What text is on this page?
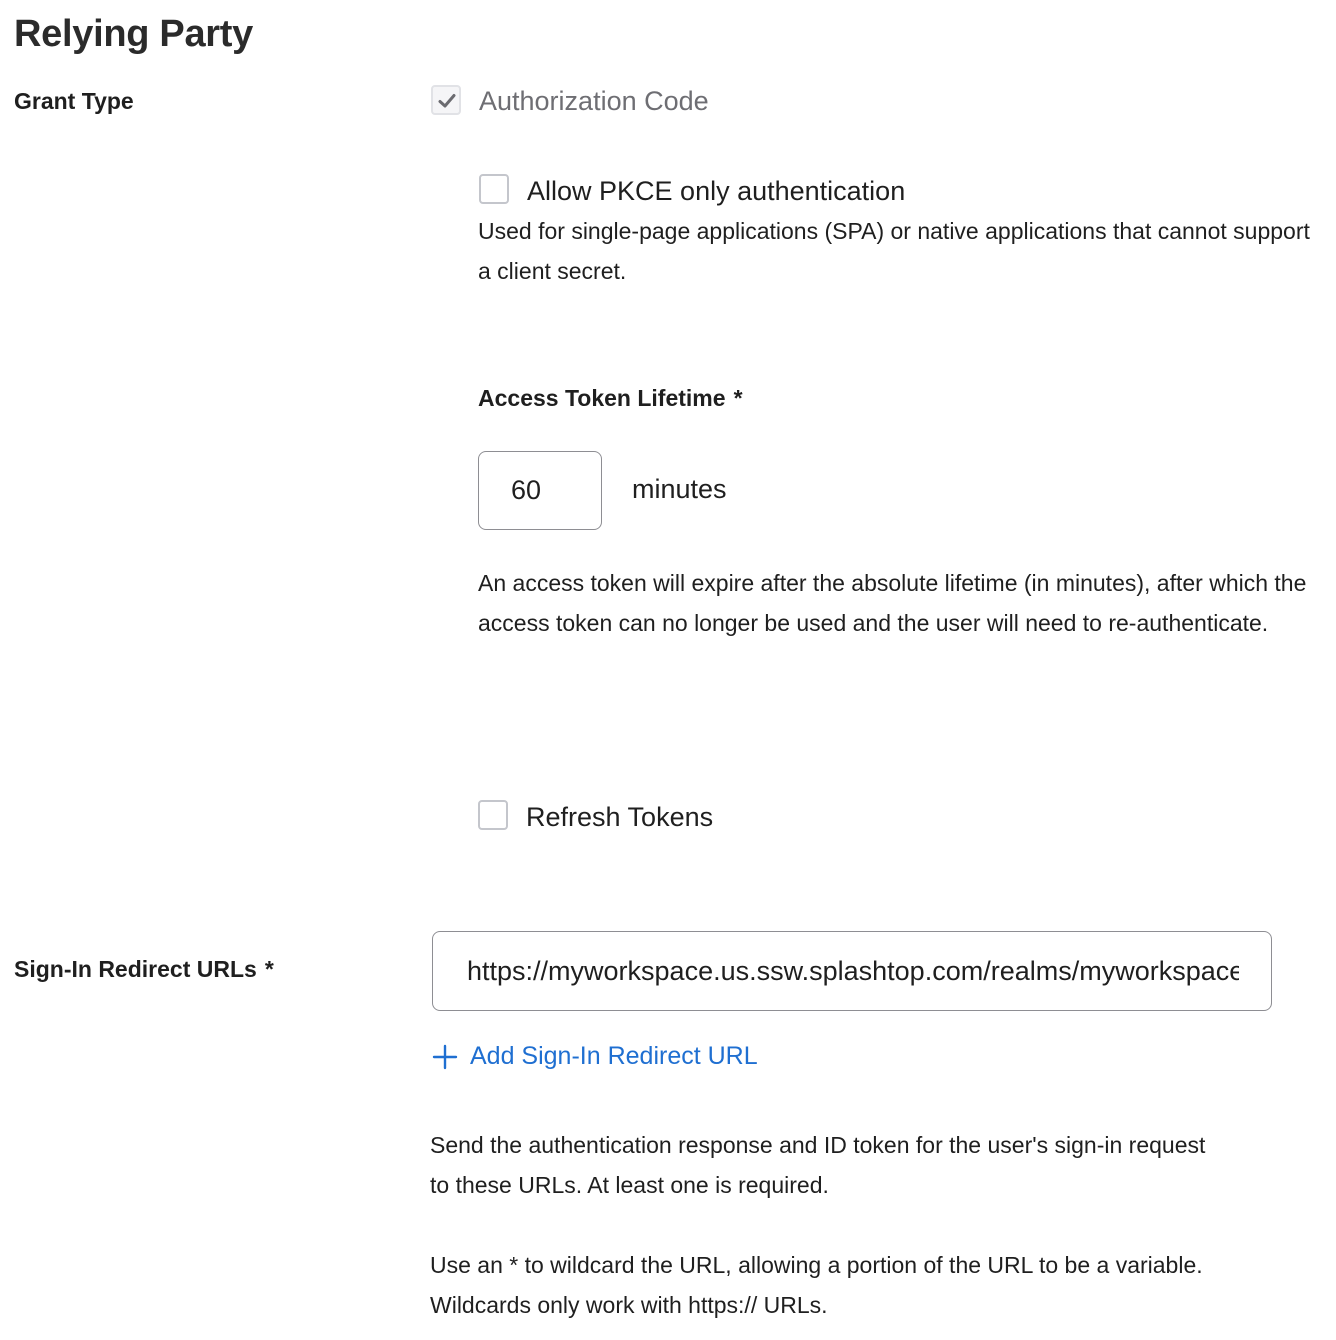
Relying Party
Grant Type	Authorization Code
Allow PKCE only authentication
Used for single-page applications (SPA) or native applications that cannot support a client secret.
Access Token Lifetime *
60
minutes
An access token will expire after the absolute lifetime (in minutes), after which the access token can no longer be used and the user will need to re-authenticate.
Refresh Tokens
Sign-In Redirect URLs *
https://myworkspace.us.ssw.splashtop.com/realms/myworkspace
Add Sign-In Redirect URL
Send the authentication response and ID token for the user's sign-in request to these URLs. At least one is required.
Use an * to wildcard the URL, allowing a portion of the URL to be a variable. Wildcards only work with https:// URLs.
